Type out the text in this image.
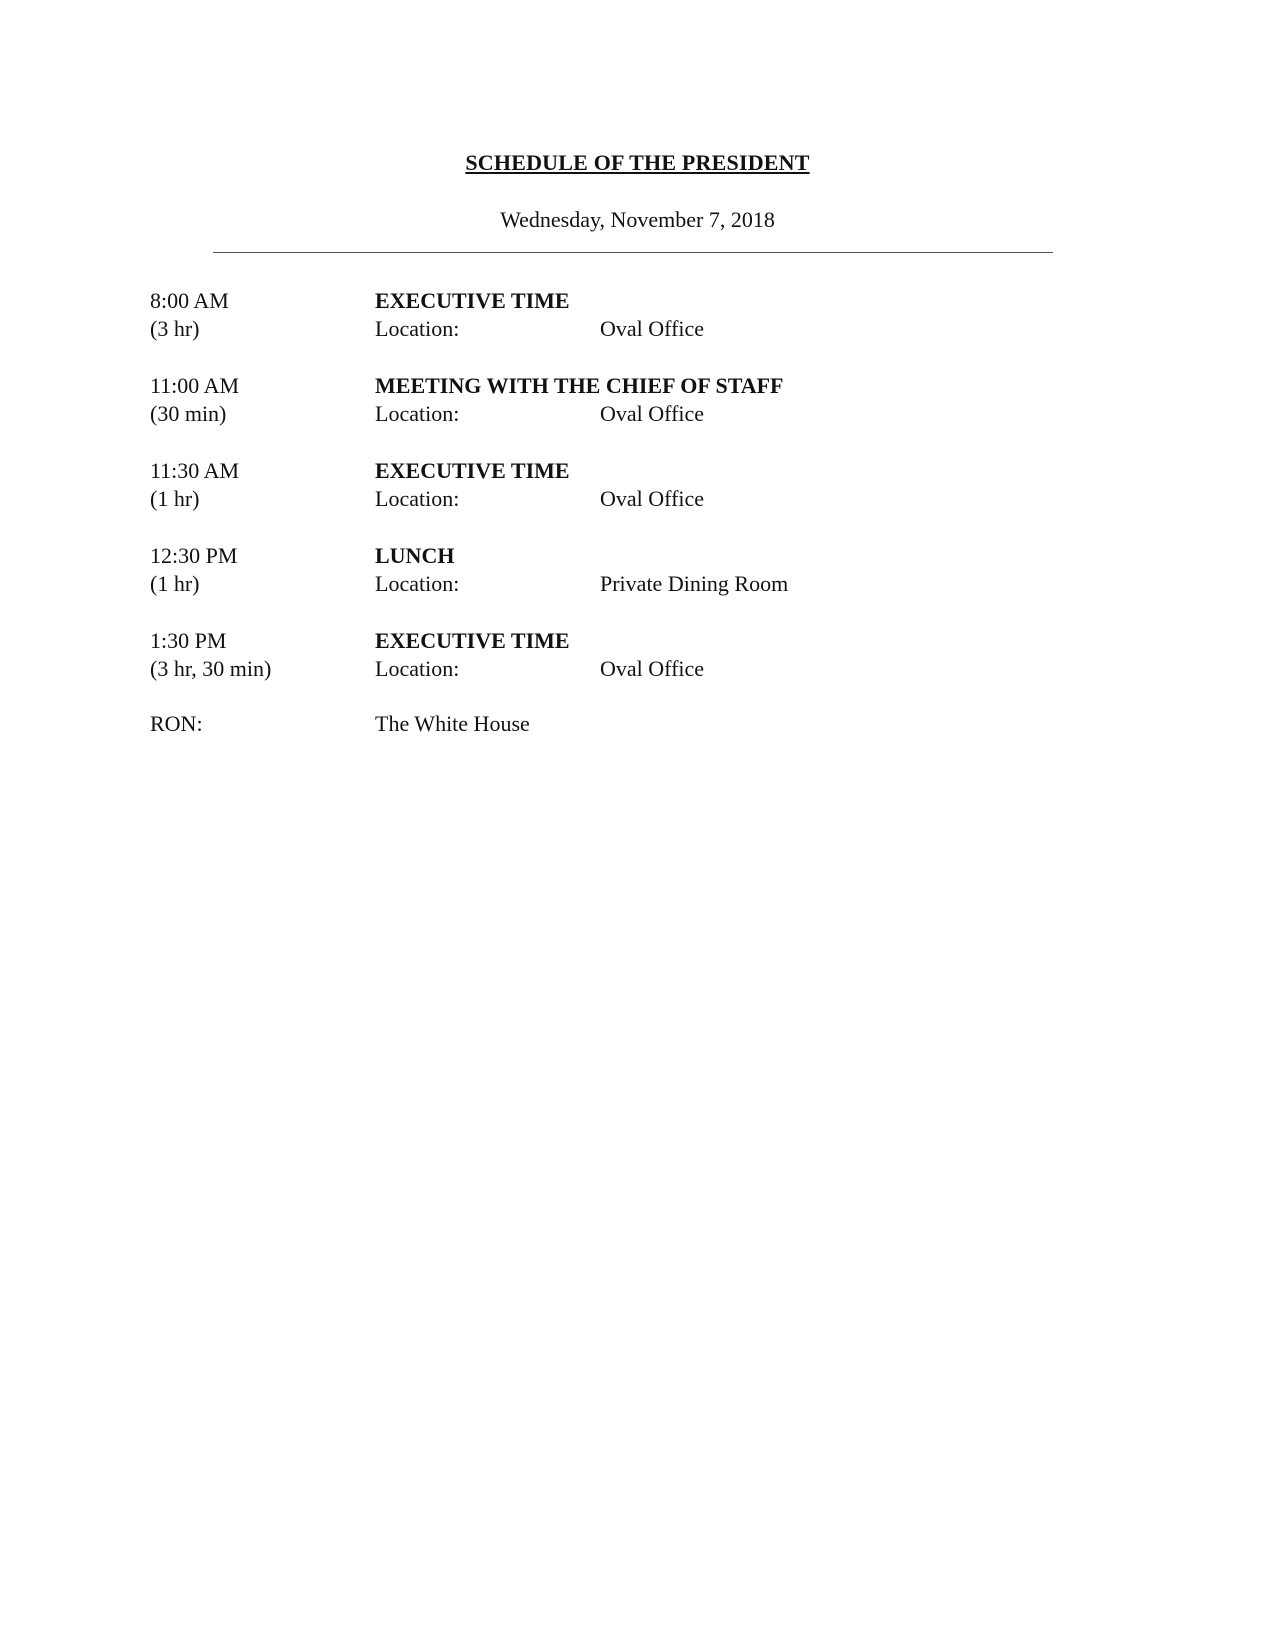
SCHEDULE OF THE PRESIDENT
Wednesday, November 7, 2018
8:00 AM	EXECUTIVE TIME
(3 hr)	Location:	Oval Office
11:00 AM	MEETING WITH THE CHIEF OF STAFF
(30 min)	Location:	Oval Office
11:30 AM	EXECUTIVE TIME
(1 hr)	Location:	Oval Office
12:30 PM	LUNCH
(1 hr)	Location:	Private Dining Room
1:30 PM	EXECUTIVE TIME
(3 hr, 30 min)	Location:	Oval Office
RON:	The White House
